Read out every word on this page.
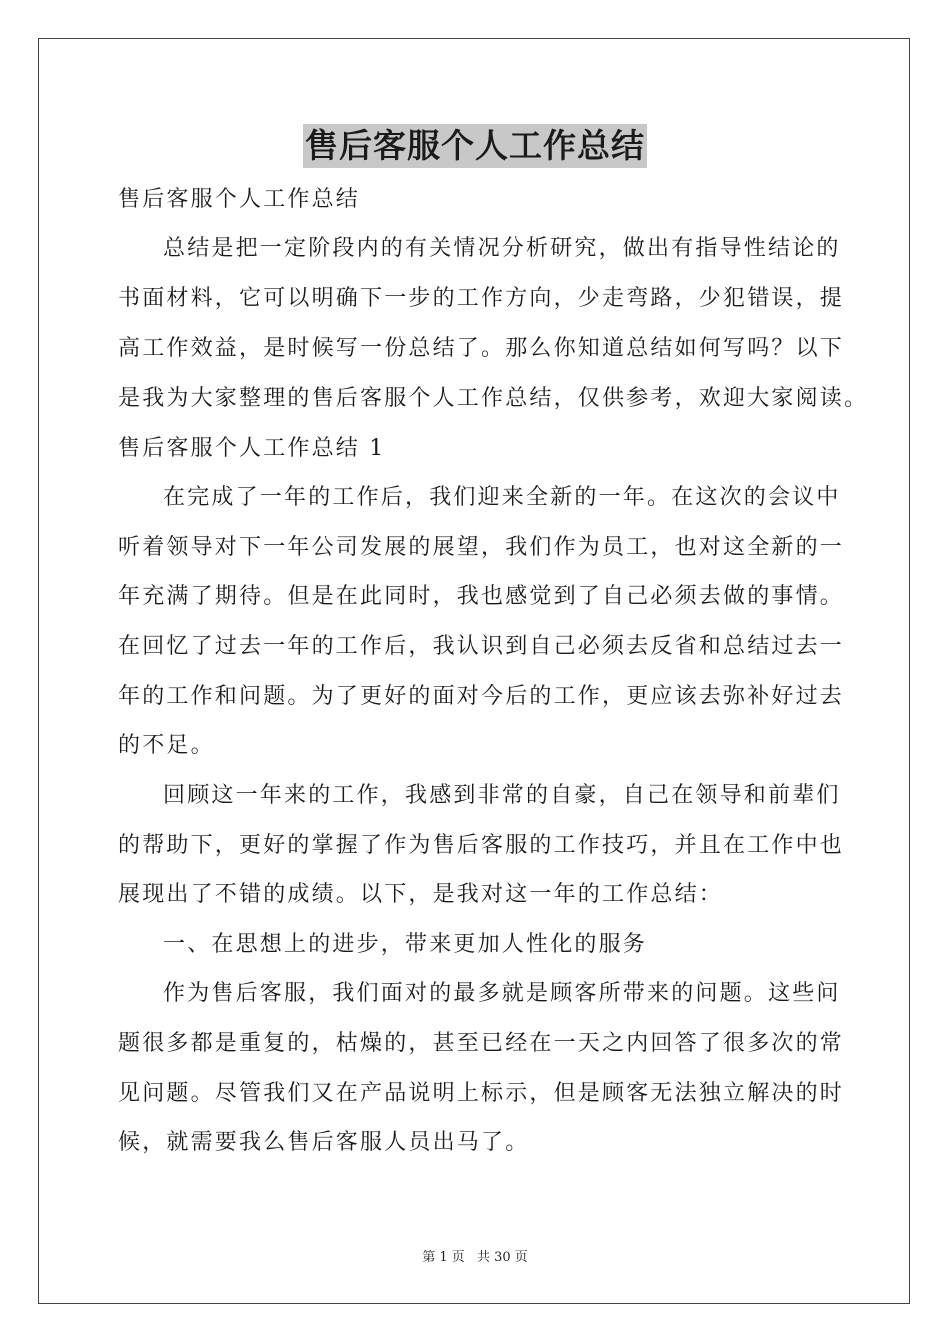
售后客服个人工作总结
售后客服个人工作总结
总结是把一定阶段内的有关情况分析研究，做出有指导性结论的
书面材料，它可以明确下一步的工作方向，少走弯路，少犯错误，提
高工作效益，是时候写一份总结了。那么你知道总结如何写吗？以下
是我为大家整理的售后客服个人工作总结，仅供参考，欢迎大家阅读。
售后客服个人工作总结 1
在完成了一年的工作后，我们迎来全新的一年。在这次的会议中
听着领导对下一年公司发展的展望，我们作为员工，也对这全新的一
年充满了期待。但是在此同时，我也感觉到了自己必须去做的事情。
在回忆了过去一年的工作后，我认识到自己必须去反省和总结过去一
年的工作和问题。为了更好的面对今后的工作，更应该去弥补好过去
的不足。
回顾这一年来的工作，我感到非常的自豪，自己在领导和前辈们
的帮助下，更好的掌握了作为售后客服的工作技巧，并且在工作中也
展现出了不错的成绩。以下，是我对这一年的工作总结：
一、在思想上的进步，带来更加人性化的服务
作为售后客服，我们面对的最多就是顾客所带来的问题。这些问
题很多都是重复的，枯燥的，甚至已经在一天之内回答了很多次的常
见问题。尽管我们又在产品说明上标示，但是顾客无法独立解决的时
候，就需要我么售后客服人员出马了。
第 1 页 共 30 页
